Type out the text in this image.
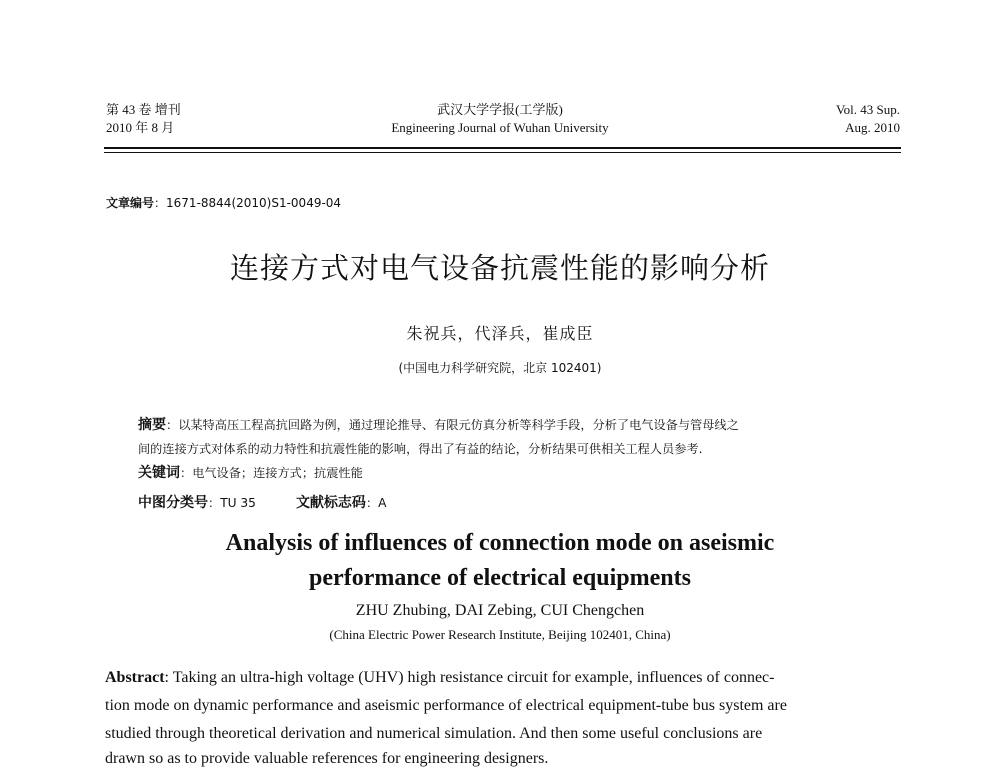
第 43 卷 增刊
2010 年 8 月
武汉大学学报(工学版)
Engineering Journal of Wuhan University
Vol. 43 Sup.
Aug. 2010
文章编号：1671-8844(2010)S1-0049-04
连接方式对电气设备抗震性能的影响分析
朱祝兵，代泽兵，崔成臣
(中国电力科学研究院，北京 102401)
摘要：以某特高压工程高抗回路为例，通过理论推导、有限元仿真分析等科学手段，分析了电气设备与管母线之
间的连接方式对体系的动力特性和抗震性能的影响，得出了有益的结论，分析结果可供相关工程人员参考.
关键词：电气设备；连接方式；抗震性能
中图分类号：TU 35	文献标志码：A
Analysis of influences of connection mode on aseismic
performance of electrical equipments
ZHU Zhubing, DAI Zebing, CUI Chengchen
(China Electric Power Research Institute, Beijing 102401, China)
Abstract: Taking an ultra-high voltage (UHV) high resistance circuit for example, influences of connec-
tion mode on dynamic performance and aseismic performance of electrical equipment-tube bus system are
studied through theoretical derivation and numerical simulation. And then some useful conclusions are
drawn so as to provide valuable references for engineering designers.
